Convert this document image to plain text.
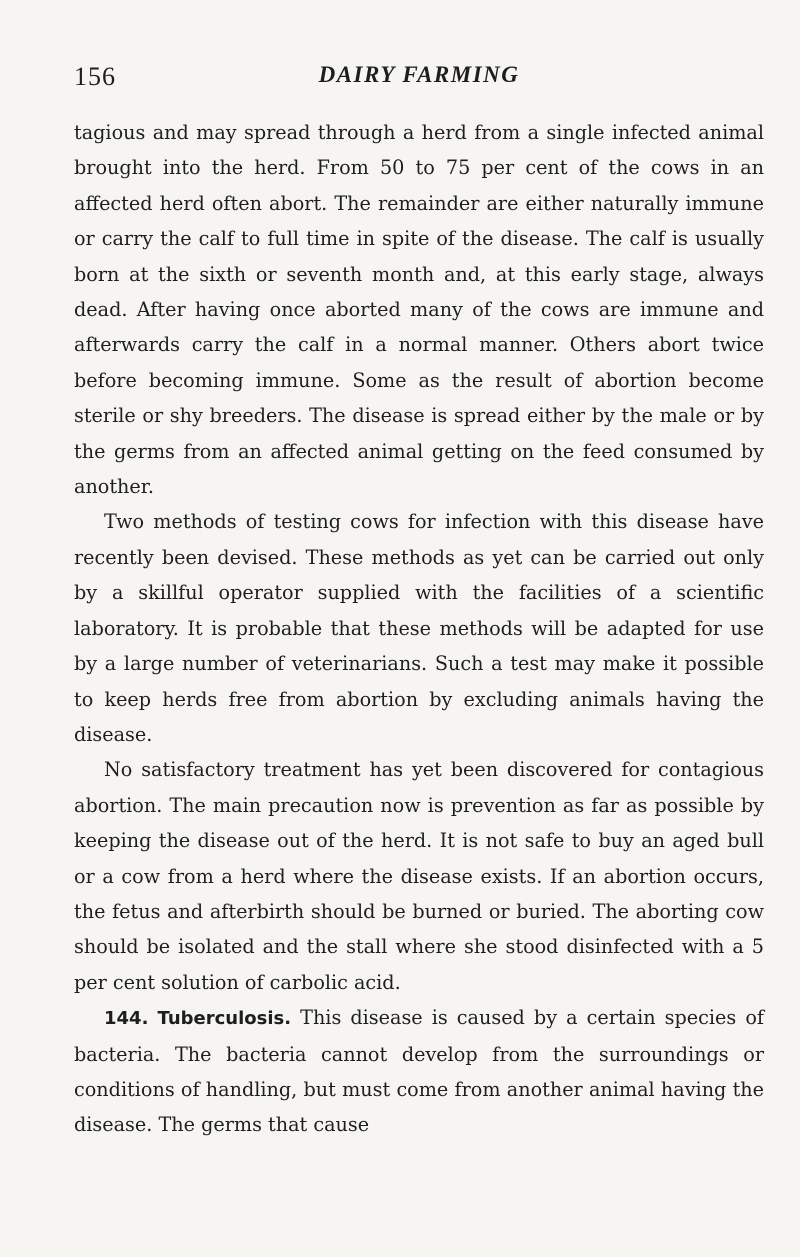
156	DAIRY FARMING

tagious and may spread through a herd from a single infected animal brought into the herd. From 50 to 75 per cent of the cows in an affected herd often abort. The remainder are either naturally immune or carry the calf to full time in spite of the disease. The calf is usually born at the sixth or seventh month and, at this early stage, always dead. After having once aborted many of the cows are immune and afterwards carry the calf in a normal manner. Others abort twice before becoming immune. Some as the result of abortion become sterile or shy breeders. The disease is spread either by the male or by the germs from an affected animal getting on the feed consumed by another.

Two methods of testing cows for infection with this disease have recently been devised. These methods as yet can be carried out only by a skillful operator supplied with the facilities of a scientific laboratory. It is probable that these methods will be adapted for use by a large number of veterinarians. Such a test may make it possible to keep herds free from abortion by excluding animals having the disease.

No satisfactory treatment has yet been discovered for contagious abortion. The main precaution now is prevention as far as possible by keeping the disease out of the herd. It is not safe to buy an aged bull or a cow from a herd where the disease exists. If an abortion occurs, the fetus and afterbirth should be burned or buried. The aborting cow should be isolated and the stall where she stood disinfected with a 5 per cent solution of carbolic acid.

144. Tuberculosis. This disease is caused by a certain species of bacteria. The bacteria cannot develop from the surroundings or conditions of handling, but must come from another animal having the disease. The germs that cause
